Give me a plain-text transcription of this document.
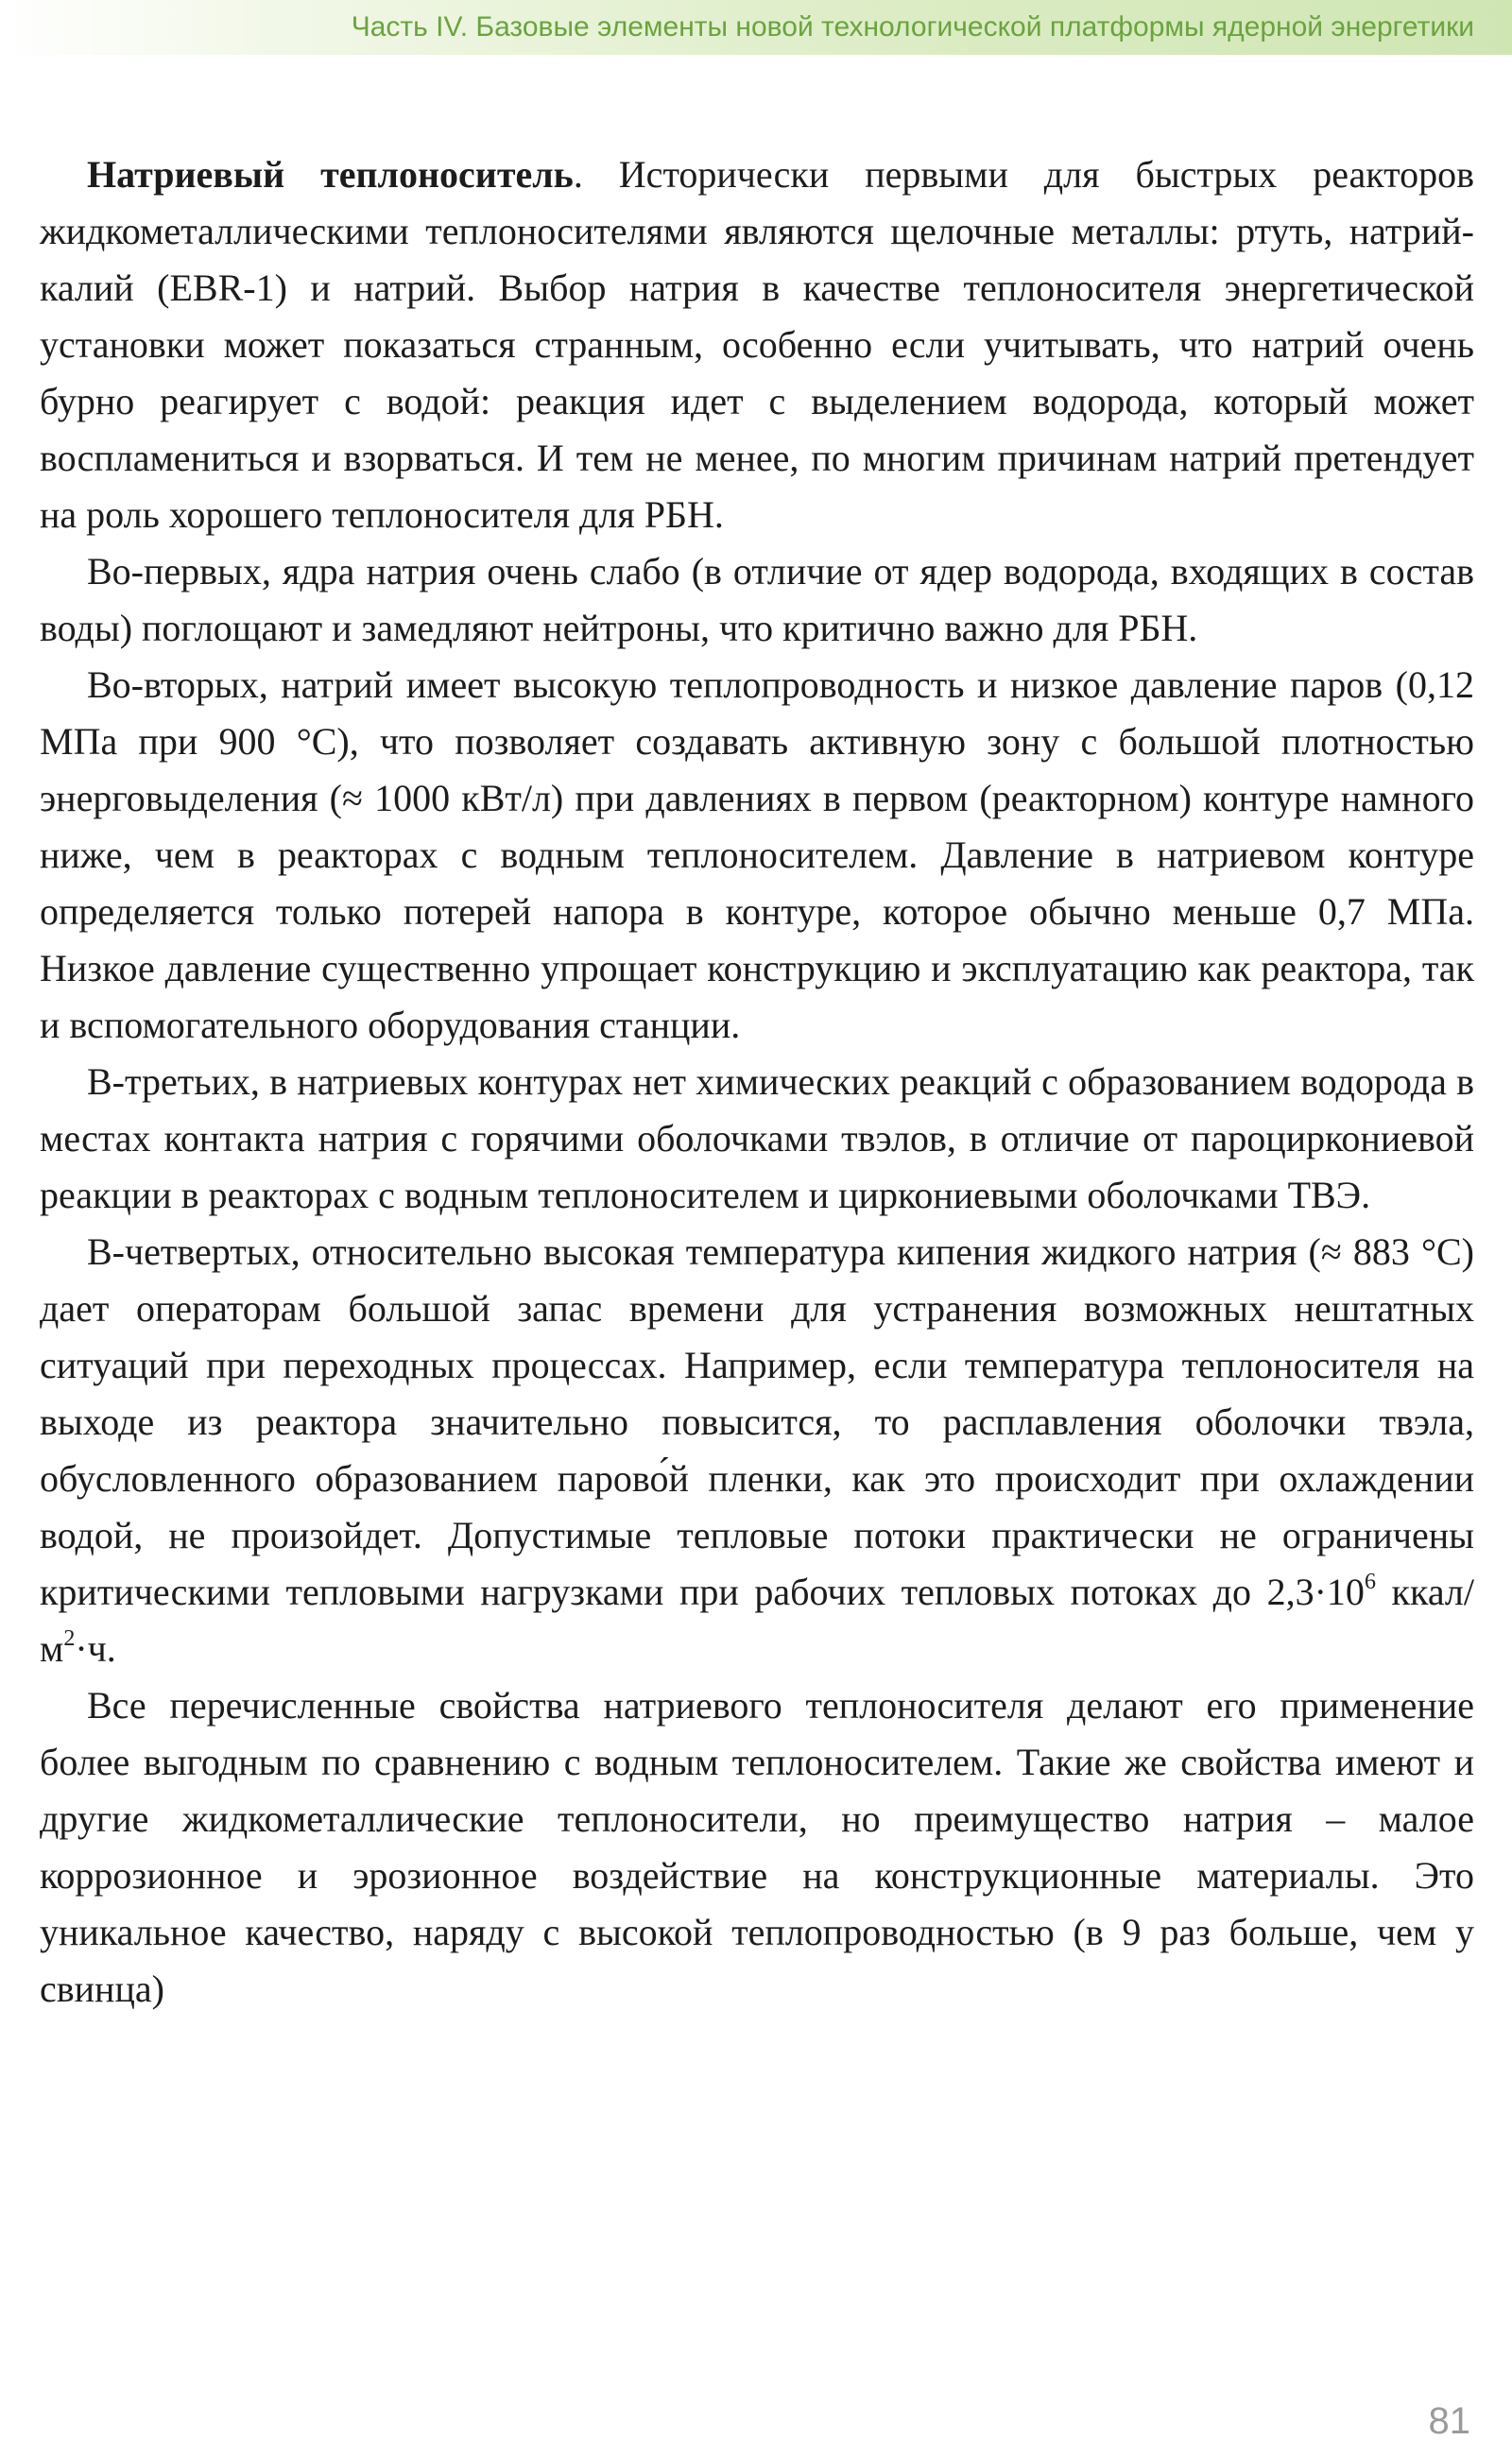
Часть IV. Базовые элементы новой технологической платформы ядерной энергетики

Натриевый теплоноситель. Исторически первыми для быстрых реакторов жидкометаллическими теплоносителями являются щелочные металлы: ртуть, натрий-калий (EBR-1) и натрий. Выбор натрия в качестве теплоносителя энергетической установки может показаться странным, особенно если учитывать, что натрий очень бурно реагирует с водой: реакция идет с выделением водорода, который может воспламениться и взорваться. И тем не менее, по многим причинам натрий претендует на роль хорошего теплоносителя для РБН.

Во-первых, ядра натрия очень слабо (в отличие от ядер водорода, входящих в состав воды) поглощают и замедляют нейтроны, что критично важно для РБН.

Во-вторых, натрий имеет высокую теплопроводность и низкое давление паров (0,12 МПа при 900 °С), что позволяет создавать активную зону с большой плотностью энерговыделения (≈ 1000 кВт/л) при давлениях в первом (реакторном) контуре намного ниже, чем в реакторах с водным теплоносителем. Давление в натриевом контуре определяется только потерей напора в контуре, которое обычно меньше 0,7 МПа. Низкое давление существенно упрощает конструкцию и эксплуатацию как реактора, так и вспомогательного оборудования станции.

В-третьих, в натриевых контурах нет химических реакций с образованием водорода в местах контакта натрия с горячими оболочками твэлов, в отличие от пароциркониевой реакции в реакторах с водным теплоносителем и циркониевыми оболочками ТВЭ.

В-четвертых, относительно высокая температура кипения жидкого натрия (≈ 883 °С) дает операторам большой запас времени для устранения возможных нештатных ситуаций при переходных процессах. Например, если температура теплоносителя на выходе из реактора значительно повысится, то расплавления оболочки твэла, обусловленного образованием парово́й пленки, как это происходит при охлаждении водой, не произойдет. Допустимые тепловые потоки практически не ограничены критическими тепловыми нагрузками при рабочих тепловых потоках до $2,3\cdot 10^6$ ккал/$м^2\cdot ч$.

Все перечисленные свойства натриевого теплоносителя делают его применение более выгодным по сравнению с водным теплоносителем. Такие же свойства имеют и другие жидкометаллические теплоносители, но преимущество натрия – малое коррозионное и эрозионное воздействие на конструкционные материалы. Это уникальное качество, наряду с высокой теплопроводностью (в 9 раз больше, чем у свинца)

81
